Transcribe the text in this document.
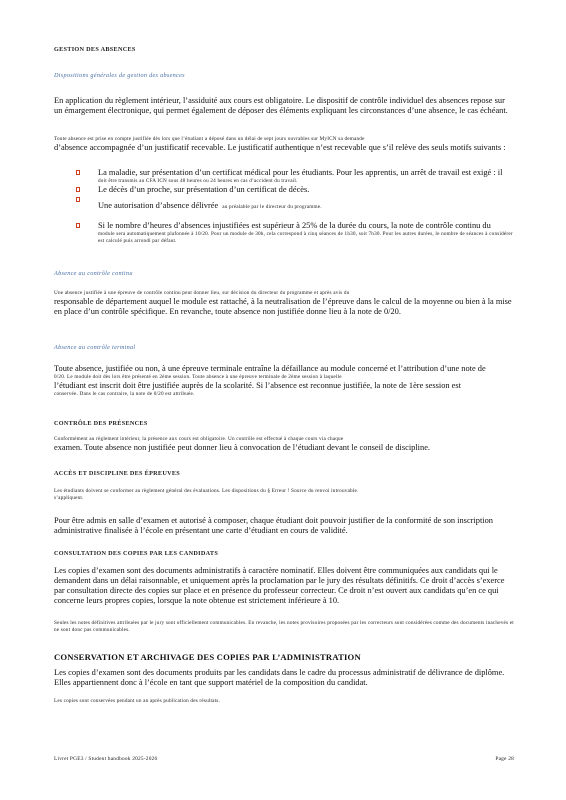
GESTION DES ABSENCES
Dispositions générales de gestion des absences
En application du règlement intérieur, l’assiduité aux cours est obligatoire. Le dispositif de contrôle individuel des absences repose sur un émargement électronique, qui permet également de déposer des éléments expliquant les circonstances d’une absence, le cas échéant.
Toute absence est prise en compte justifiée dès lors que l’étudiant a déposé dans un délai de sept jours ouvrables sur MyICN sa demande
d’absence accompagnée d’un justificatif recevable. Le justificatif authentique n’est recevable que s’il relève des seuls motifs suivants :
La maladie, sur présentation d’un certificat médical pour les étudiants. Pour les apprentis, un arrêt de travail est exigé : il
doit être transmis au CFA ICN sous 48 heures ou 24 heures en cas d’accident du travail.
Le décès d’un proche, sur présentation d’un certificat de décès.
Une autorisation d’absence délivrée au préalable par le directeur du programme.
Si le nombre d’heures d’absences injustifiées est supérieur à 25% de la durée du cours, la note de contrôle continu du
module sera automatiquement plafonnée à 10/20. Pour un module de 30h, cela correspond à cinq séances de 1h30, soit 7h30. Pour les autres durées, le nombre de séances à considérer est calculé puis arrondi par défaut.
Absence au contrôle continu
Une absence justifiée à une épreuve de contrôle continu peut donner lieu, sur décision du directeur du programme et après avis du
responsable de département auquel le module est rattaché, à la neutralisation de l’épreuve dans le calcul de la moyenne ou bien à la mise en place d’un contrôle spécifique. En revanche, toute absence non justifiée donne lieu à la note de 0/20.
Absence au contrôle terminal
Toute absence, justifiée ou non, à une épreuve terminale entraîne la défaillance au module concerné et l’attribution d’une note de
0/20. Le module doit dès lors être présenté en 2ème session. Toute absence à une épreuve terminale de 2ème session à laquelle
l’étudiant est inscrit doit être justifiée auprès de la scolarité. Si l’absence est reconnue justifiée, la note de 1ère session est
conservée. Dans le cas contraire, la note de 0/20 est attribuée.
CONTRÔLE DES PRÉSENCES
Conformément au règlement intérieur, la présence aux cours est obligatoire. Un contrôle est effectué à chaque cours via chaque
examen. Toute absence non justifiée peut donner lieu à convocation de l’étudiant devant le conseil de discipline.
ACCÈS ET DISCIPLINE DES ÉPREUVES
Les étudiants doivent se conformer au règlement général des évaluations. Les dispositions du § Erreur ! Source du renvoi introuvable.
s’appliquent.
Pour être admis en salle d’examen et autorisé à composer, chaque étudiant doit pouvoir justifier de la conformité de son inscription administrative finalisée à l’école en présentant une carte d’étudiant en cours de validité.
CONSULTATION DES COPIES PAR LES CANDIDATS
Les copies d’examen sont des documents administratifs à caractère nominatif. Elles doivent être communiquées aux candidats qui le demandent dans un délai raisonnable, et uniquement après la proclamation par le jury des résultats définitifs. Ce droit d’accès s’exerce par consultation directe des copies sur place et en présence du professeur correcteur. Ce droit n’est ouvert aux candidats qu’en ce qui concerne leurs propres copies, lorsque la note obtenue est strictement inférieure à 10.
Seules les notes définitives attribuées par le jury sont officiellement communicables. En revanche, les notes provisoires proposées par les correcteurs sont considérées comme des documents inachevés et ne sont donc pas communicables.
CONSERVATION ET ARCHIVAGE DES COPIES PAR L’ADMINISTRATION
Les copies d’examen sont des documents produits par les candidats dans le cadre du processus administratif de délivrance de diplôme. Elles appartiennent donc à l’école en tant que support matériel de la composition du candidat.
Les copies sont conservées pendant un an après publication des résultats.
Livret PGE3 / Student handbook 2025-2026	Page 28
